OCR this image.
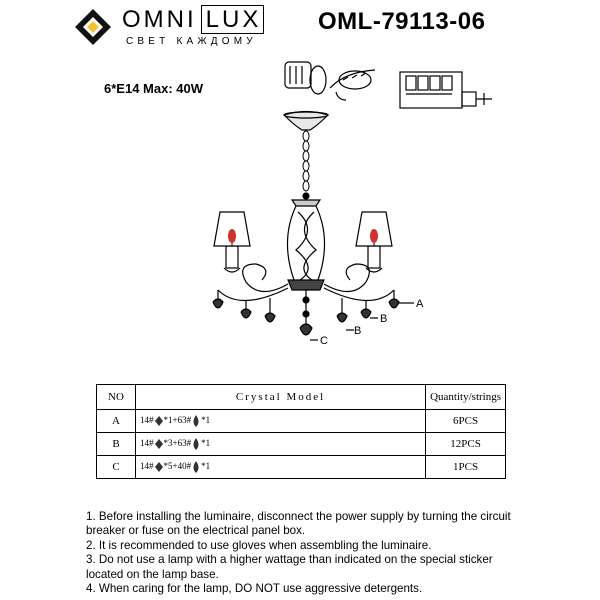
OMNI LUX
СВЕТ КАЖДОМУ
OML-79113-06
6*E14 Max: 40W
A
B
B
C
NO	Crystal Model	Quantity/strings
A	14# *1+63# *1	6PCS
B	14# *3+63# *1	12PCS
C	14# *5+40# *1	1PCS

1. Before installing the luminaire, disconnect the power supply by turning the circuit breaker or fuse on the electrical panel box.

2. It is recommended to use gloves when assembling the luminaire.

3. Do not use a lamp with a higher wattage than indicated on the special sticker located on the lamp base.

4. When caring for the lamp, DO NOT use aggressive detergents.
